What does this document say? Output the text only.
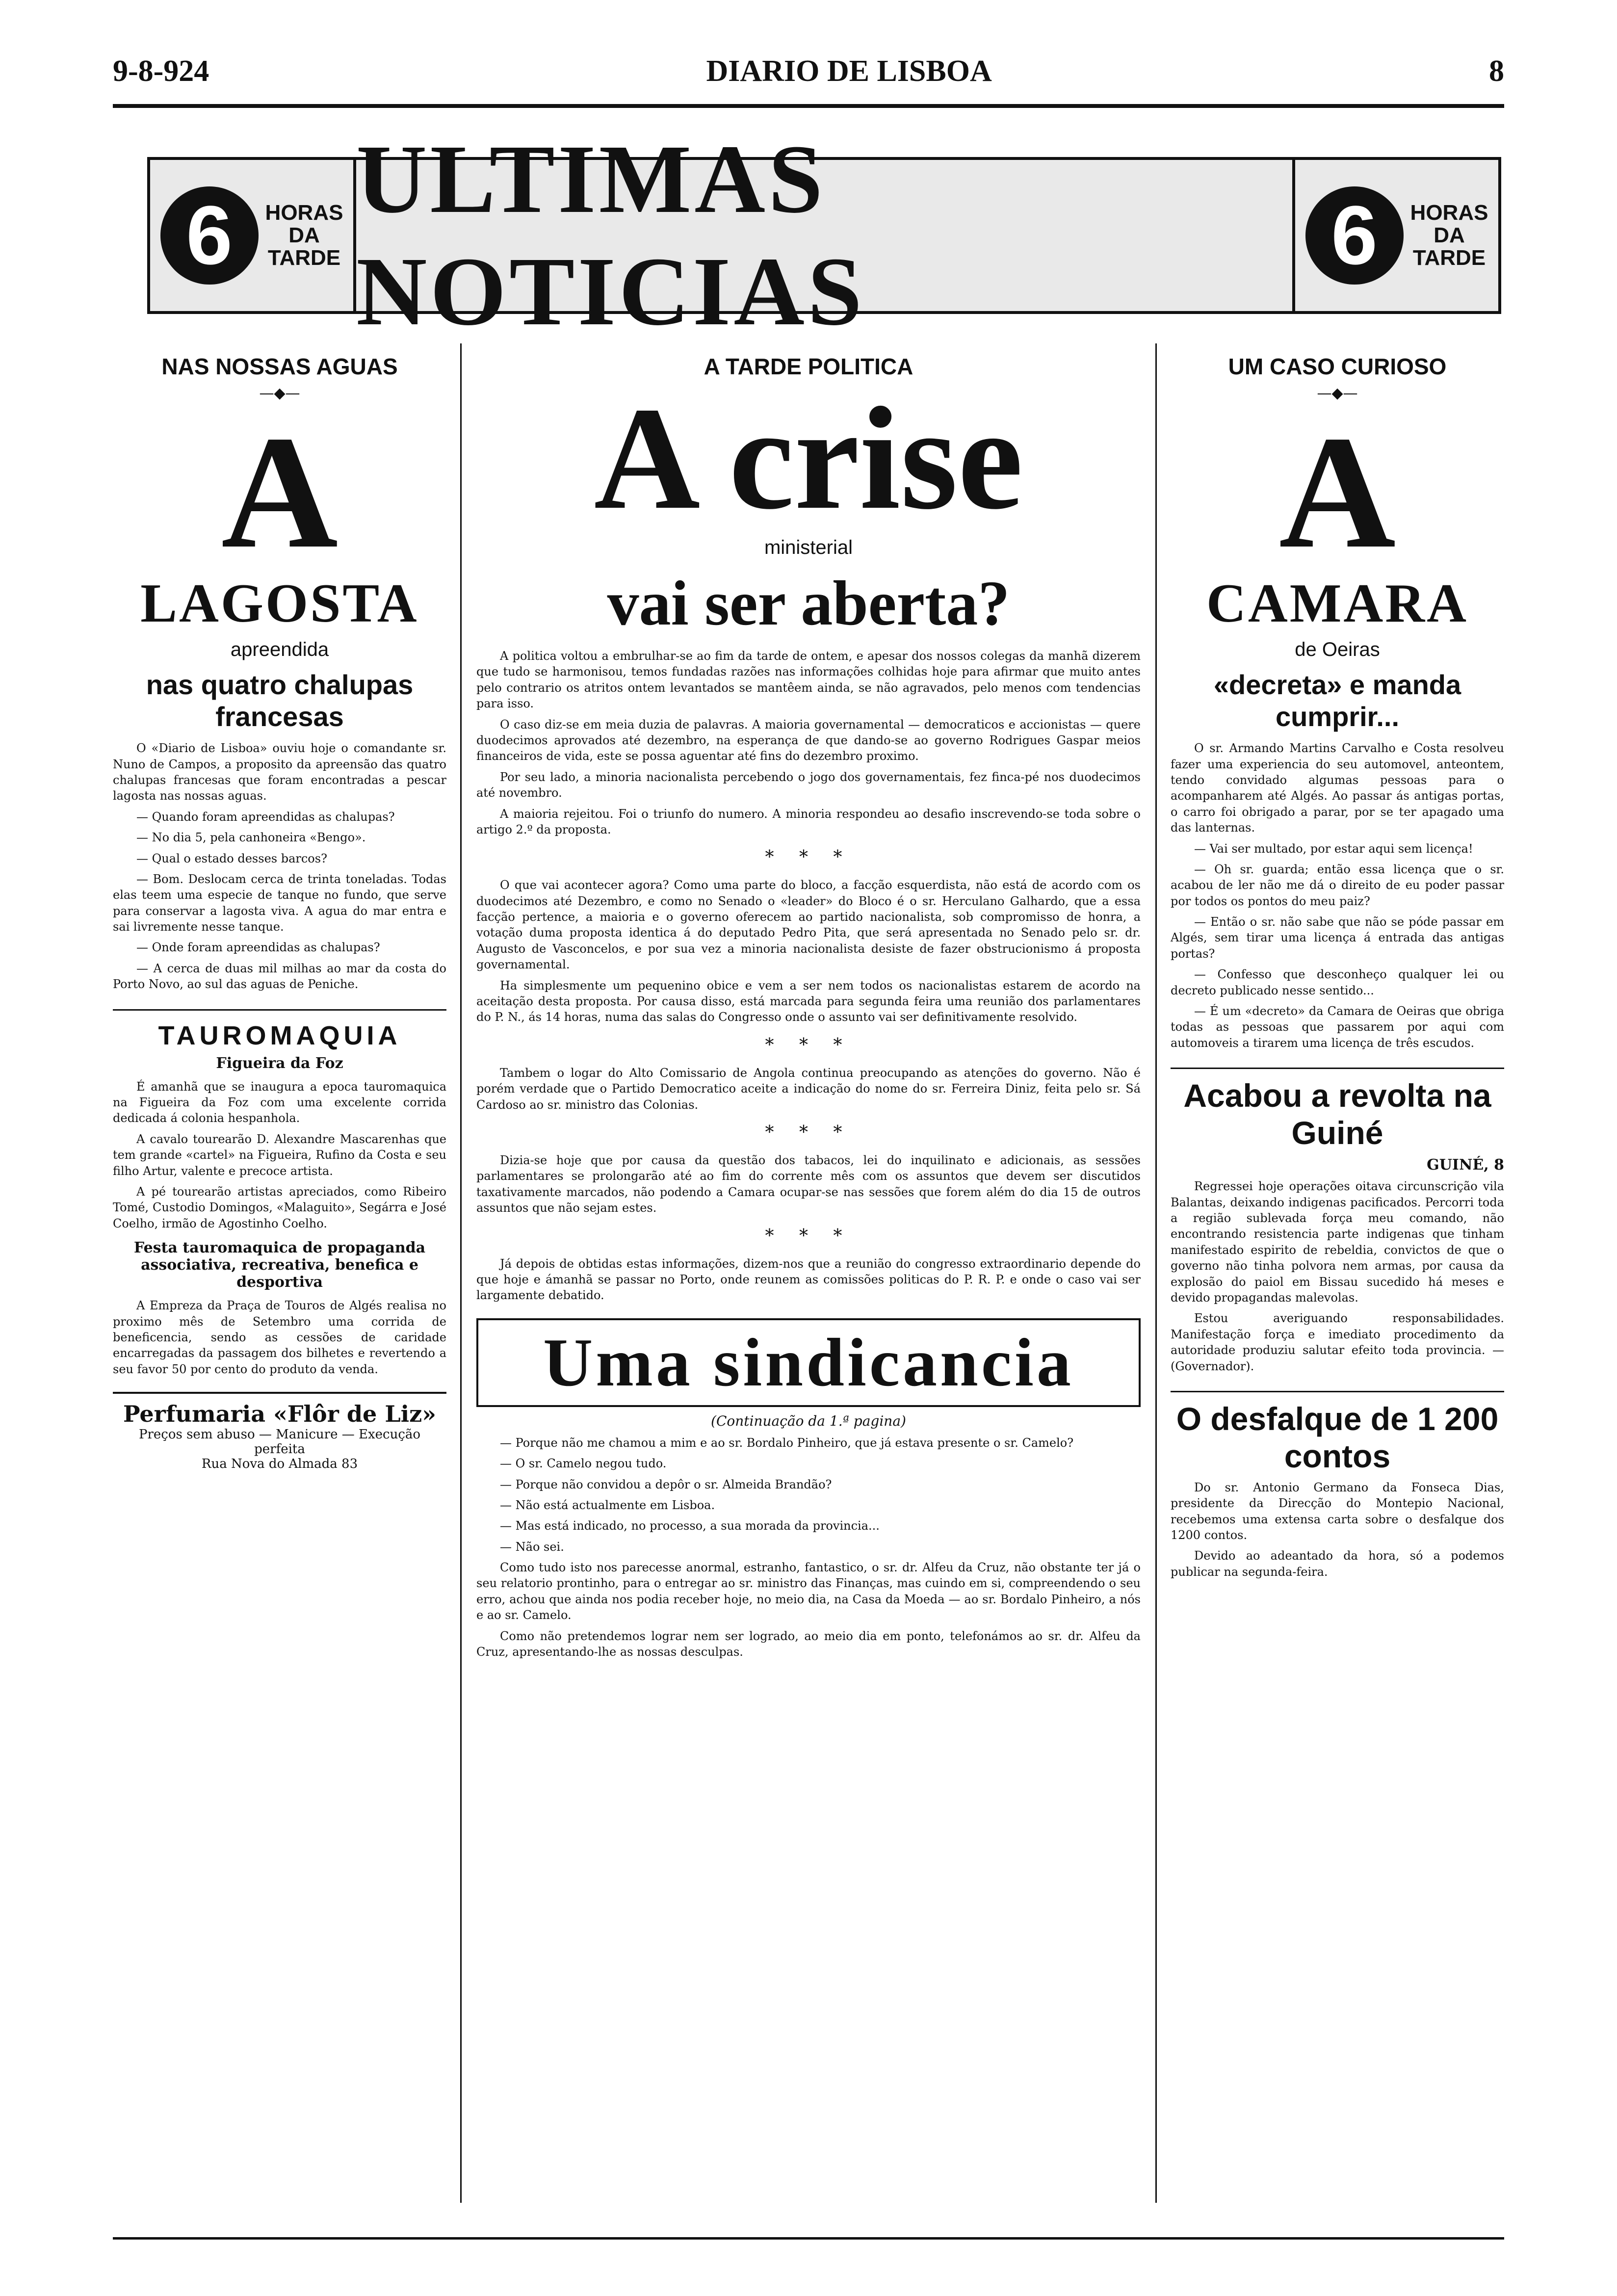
9-8-924	DIARIO DE LISBOA	8
6	HORAS
DA
TARDE
ULTIMAS NOTICIAS
6	HORAS
DA
TARDE
NAS NOSSAS AGUAS
—◆—
A
LAGOSTA
apreendida
nas quatro chalupas francesas
O «Diario de Lisboa» ouviu hoje o comandante sr. Nuno de Campos, a proposito da apreensão das quatro chalupas francesas que foram encontradas a pescar lagosta nas nossas aguas.
— Quando foram apreendidas as chalupas?
— No dia 5, pela canhoneira «Bengo».
— Qual o estado desses barcos?
— Bom. Deslocam cerca de trinta toneladas. Todas elas teem uma especie de tanque no fundo, que serve para conservar a lagosta viva. A agua do mar entra e sai livremente nesse tanque.
— Onde foram apreendidas as chalupas?
— A cerca de duas mil milhas ao mar da costa do Porto Novo, ao sul das aguas de Peniche.
TAUROMAQUIA
Figueira da Foz
É amanhã que se inaugura a epoca tauromaquica na Figueira da Foz com uma excelente corrida dedicada á colonia hespanhola.
A cavalo tourearão D. Alexandre Mascarenhas que tem grande «cartel» na Figueira, Rufino da Costa e seu filho Artur, valente e precoce artista.
A pé tourearão artistas apreciados, como Ribeiro Tomé, Custodio Domingos, «Malaguito», Segárra e José Coelho, irmão de Agostinho Coelho.
Festa tauromaquica de propaganda associativa, recreativa, benefica e desportiva
A Empreza da Praça de Touros de Algés realisa no proximo mês de Setembro uma corrida de beneficencia, sendo as cessões de caridade encarregadas da passagem dos bilhetes e revertendo a seu favor 50 por cento do produto da venda.
Perfumaria «Flôr de Liz»
Preços sem abuso — Manicure — Execução perfeita
Rua Nova do Almada 83
A TARDE POLITICA
A crise
ministerial
vai ser aberta?
A politica voltou a embrulhar-se ao fim da tarde de ontem, e apesar dos nossos colegas da manhã dizerem que tudo se harmonisou, temos fundadas razões nas informações colhidas hoje para afirmar que muito antes pelo contrario os atritos ontem levantados se mantêem ainda, se não agravados, pelo menos com tendencias para isso.
O caso diz-se em meia duzia de palavras. A maioria governamental — democraticos e accionistas — quere duodecimos aprovados até dezembro, na esperança de que dando-se ao governo Rodrigues Gaspar meios financeiros de vida, este se possa aguentar até fins do dezembro proximo.
Por seu lado, a minoria nacionalista percebendo o jogo dos governamentais, fez finca-pé nos duodecimos até novembro.
A maioria rejeitou. Foi o triunfo do numero. A minoria respondeu ao desafio inscrevendo-se toda sobre o artigo 2.º da proposta.
* * *
O que vai acontecer agora? Como uma parte do bloco, a facção esquerdista, não está de acordo com os duodecimos até Dezembro, e como no Senado o «leader» do Bloco é o sr. Herculano Galhardo, que a essa facção pertence, a maioria e o governo oferecem ao partido nacionalista, sob compromisso de honra, a votação duma proposta identica á do deputado Pedro Pita, que será apresentada no Senado pelo sr. dr. Augusto de Vasconcelos, e por sua vez a minoria nacionalista desiste de fazer obstrucionismo á proposta governamental.
Ha simplesmente um pequenino obice e vem a ser nem todos os nacionalistas estarem de acordo na aceitação desta proposta. Por causa disso, está marcada para segunda feira uma reunião dos parlamentares do P. N., ás 14 horas, numa das salas do Congresso onde o assunto vai ser definitivamente resolvido.
* * *
Tambem o logar do Alto Comissario de Angola continua preocupando as atenções do governo. Não é porém verdade que o Partido Democratico aceite a indicação do nome do sr. Ferreira Diniz, feita pelo sr. Sá Cardoso ao sr. ministro das Colonias.
* * *
Dizia-se hoje que por causa da questão dos tabacos, lei do inquilinato e adicionais, as sessões parlamentares se prolongarão até ao fim do corrente mês com os assuntos que devem ser discutidos taxativamente marcados, não podendo a Camara ocupar-se nas sessões que forem além do dia 15 de outros assuntos que não sejam estes.
* * *
Já depois de obtidas estas informações, dizem-nos que a reunião do congresso extraordinario depende do que hoje e ámanhã se passar no Porto, onde reunem as comissões politicas do P. R. P. e onde o caso vai ser largamente debatido.
Uma sindicancia
(Continuação da 1.ª pagina)
— Porque não me chamou a mim e ao sr. Bordalo Pinheiro, que já estava presente o sr. Camelo?
— O sr. Camelo negou tudo.
— Porque não convidou a depôr o sr. Almeida Brandão?
— Não está actualmente em Lisboa.
— Mas está indicado, no processo, a sua morada da provincia...
— Não sei.
Como tudo isto nos parecesse anormal, estranho, fantastico, o sr. dr. Alfeu da Cruz, não obstante ter já o seu relatorio prontinho, para o entregar ao sr. ministro das Finanças, mas cuindo em si, compreendendo o seu erro, achou que ainda nos podia receber hoje, no meio dia, na Casa da Moeda — ao sr. Bordalo Pinheiro, a nós e ao sr. Camelo.
Como não pretendemos lograr nem ser logrado, ao meio dia em ponto, telefonámos ao sr. dr. Alfeu da Cruz, apresentando-lhe as nossas desculpas.
UM CASO CURIOSO
—◆—
A
CAMARA
de Oeiras
«decreta» e manda cumprir...
O sr. Armando Martins Carvalho e Costa resolveu fazer uma experiencia do seu automovel, anteontem, tendo convidado algumas pessoas para o acompanharem até Algés. Ao passar ás antigas portas, o carro foi obrigado a parar, por se ter apagado uma das lanternas.
— Vai ser multado, por estar aqui sem licença!
— Oh sr. guarda; então essa licença que o sr. acabou de ler não me dá o direito de eu poder passar por todos os pontos do meu paiz?
— Então o sr. não sabe que não se póde passar em Algés, sem tirar uma licença á entrada das antigas portas?
— Confesso que desconheço qualquer lei ou decreto publicado nesse sentido...
— É um «decreto» da Camara de Oeiras que obriga todas as pessoas que passarem por aqui com automoveis a tirarem uma licença de três escudos.
Acabou a revolta na Guiné
GUINÉ, 8
Regressei hoje operações oitava circunscrição vila Balantas, deixando indigenas pacificados. Percorri toda a região sublevada força meu comando, não encontrando resistencia parte indigenas que tinham manifestado espirito de rebeldia, convictos de que o governo não tinha polvora nem armas, por causa da explosão do paiol em Bissau sucedido há meses e devido propagandas malevolas.
Estou averiguando responsabilidades. Manifestação força e imediato procedimento da autoridade produziu salutar efeito toda provincia. — (Governador).
O desfalque de 1 200 contos
Do sr. Antonio Germano da Fonseca Dias, presidente da Direcção do Montepio Nacional, recebemos uma extensa carta sobre o desfalque dos 1200 contos.
Devido ao adeantado da hora, só a podemos publicar na segunda-feira.
